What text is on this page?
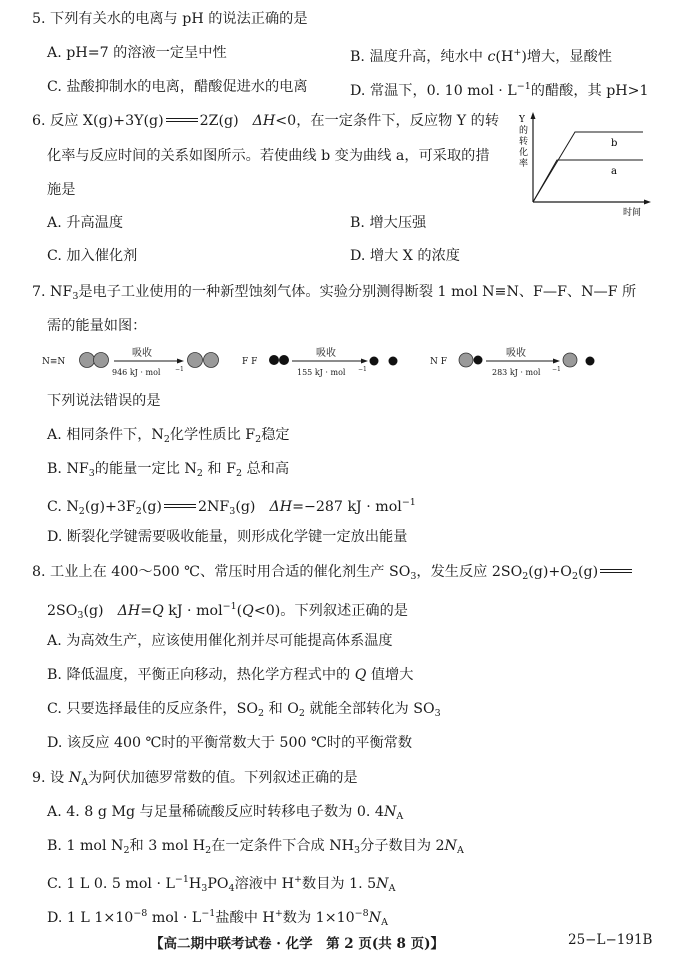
5. 下列有关水的电离与 pH 的说法正确的是
A. pH=7 的溶液一定呈中性	B. 温度升高，纯水中 c(H+)增大，显酸性
C. 盐酸抑制水的电离，醋酸促进水的电离	D. 常温下，0. 10 mol · $L^{-1}$的醋酸，其 pH>1
6. 反应 X(g)+3Y(g)	2Z(g) ΔH<0，在一定条件下，反应物 Y 的转
化率与反应时间的关系如图所示。若使曲线 b 变为曲线 a，可采取的措
施是
A. 升高温度	B. 增大压强
C. 加入催化剂	D. 增大 X 的浓度
Y
的
转
化
率
b
a
时间
7. $NF_3$是电子工业使用的一种新型蚀刻气体。实验分别测得断裂 1 mol N≡N、F—F、N—F 所
需的能量如图：
N≡N
吸收
946 kJ · mol −1
F F
吸收
155 kJ · mol −1
N F
吸收
283 kJ · mol −1
下列说法错误的是
A. 相同条件下，$N_2$化学性质比 $F_2$稳定
B. $NF_3$的能量一定比 $N_2$ 和 $F_2$ 总和高
C. $N_2(g)+3F_2(g)$	$2NF_3(g)$ ΔH=−287 kJ · mol$^{-1}$
D. 断裂化学键需要吸收能量，则形成化学键一定放出能量
8. 工业上在 400～500 ℃、常压时用合适的催化剂生产 $SO_3$，发生反应 $2SO_2(g)+O_2(g)$
$2SO_3(g)$ ΔH=Q kJ · mol$^{-1}$(Q<0)。下列叙述正确的是
A. 为高效生产，应该使用催化剂并尽可能提高体系温度
B. 降低温度，平衡正向移动，热化学方程式中的 Q 值增大
C. 只要选择最佳的反应条件，$SO_2$ 和 $O_2$ 就能全部转化为 $SO_3$
D. 该反应 400 ℃时的平衡常数大于 500 ℃时的平衡常数
9. 设 $N_A$为阿伏加德罗常数的值。下列叙述正确的是
A. 4. 8 g Mg 与足量稀硫酸反应时转移电子数为 0. $4N_A$
B. 1 mol $N_2$和 3 mol $H_2$在一定条件下合成 $NH_3$分子数目为 $2N_A$
C. 1 L 0. 5 mol · $L^{-1}H_3PO_4$溶液中 H+数目为 1. $5N_A$
D. 1 L $1\times 10^{-8}$ mol · $L^{-1}$盐酸中 H+数为 $1\times 10^{-8}N_A$
【高二期中联考试卷 · 化学　第 2 页(共 8 页)】	25−L−191B
